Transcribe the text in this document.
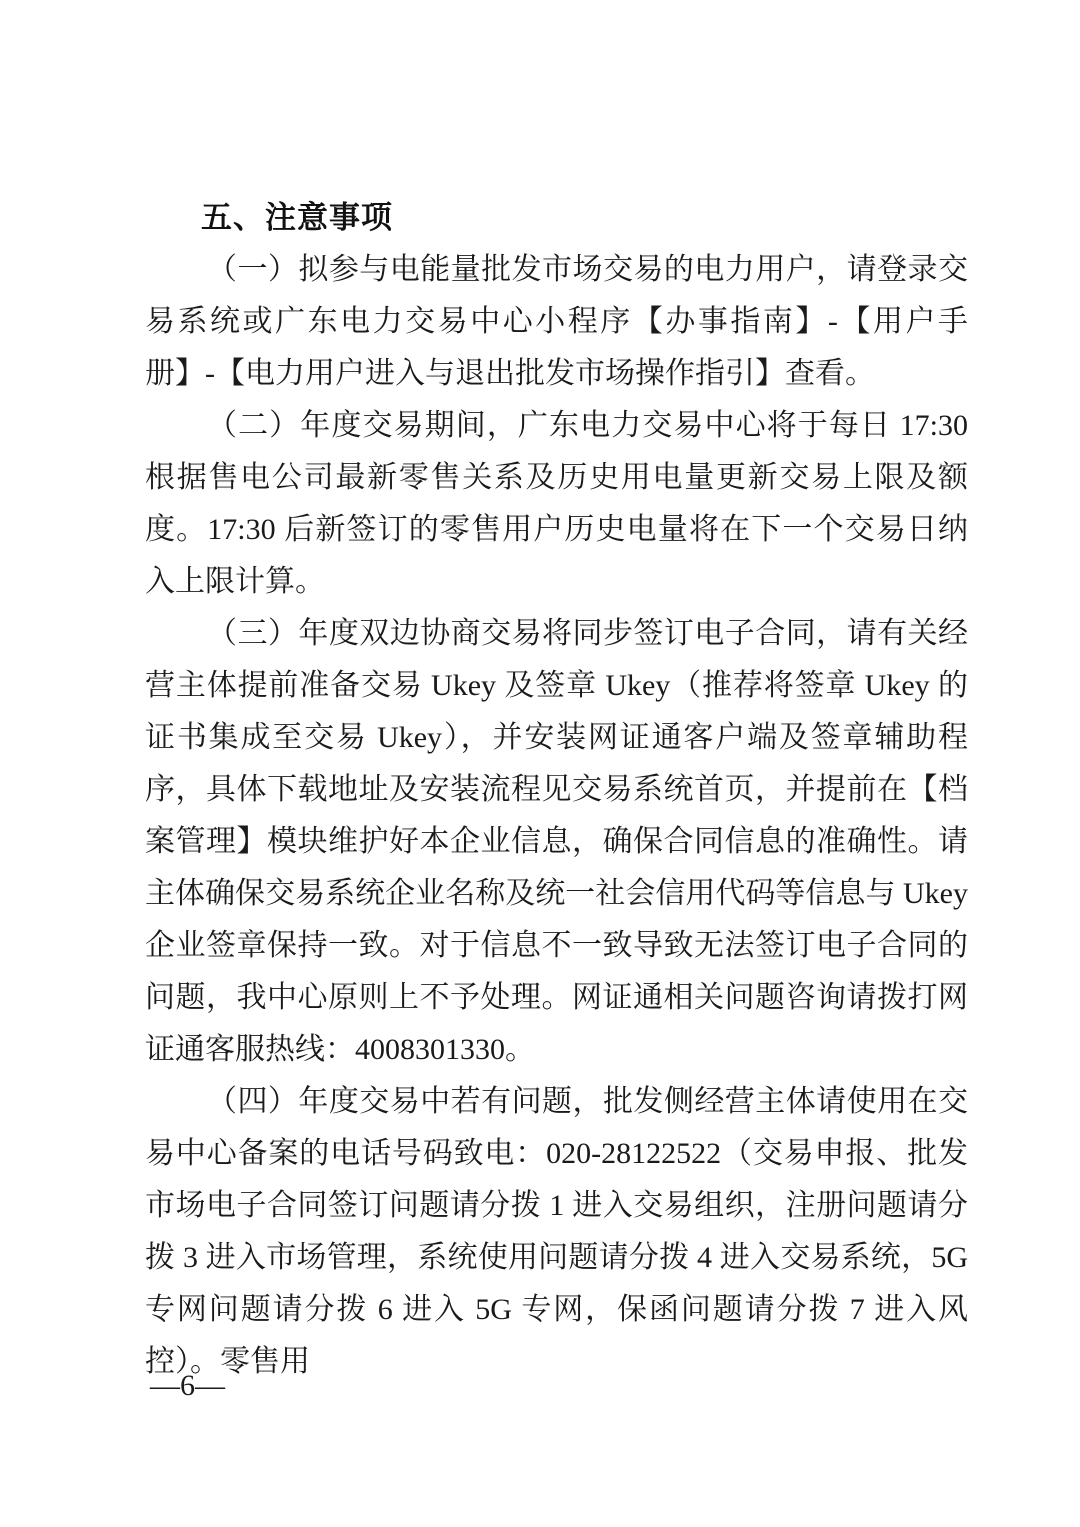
五、注意事项

（一）拟参与电能量批发市场交易的电力用户，请登录交易系统或广东电力交易中心小程序【办事指南】-【用户手册】-【电力用户进入与退出批发市场操作指引】查看。

（二）年度交易期间，广东电力交易中心将于每日 17:30 根据售电公司最新零售关系及历史用电量更新交易上限及额度。17:30 后新签订的零售用户历史电量将在下一个交易日纳入上限计算。

（三）年度双边协商交易将同步签订电子合同，请有关经营主体提前准备交易 Ukey 及签章 Ukey（推荐将签章 Ukey 的证书集成至交易 Ukey），并安装网证通客户端及签章辅助程序，具体下载地址及安装流程见交易系统首页，并提前在【档案管理】模块维护好本企业信息，确保合同信息的准确性。请主体确保交易系统企业名称及统一社会信用代码等信息与 Ukey 企业签章保持一致。对于信息不一致导致无法签订电子合同的问题，我中心原则上不予处理。网证通相关问题咨询请拨打网证通客服热线：4008301330。

（四）年度交易中若有问题，批发侧经营主体请使用在交易中心备案的电话号码致电：020-28122522（交易申报、批发市场电子合同签订问题请分拨 1 进入交易组织，注册问题请分拨 3 进入市场管理，系统使用问题请分拨 4 进入交易系统，5G 专网问题请分拨 6 进入 5G 专网，保函问题请分拨 7 进入风控）。零售用

—6—
